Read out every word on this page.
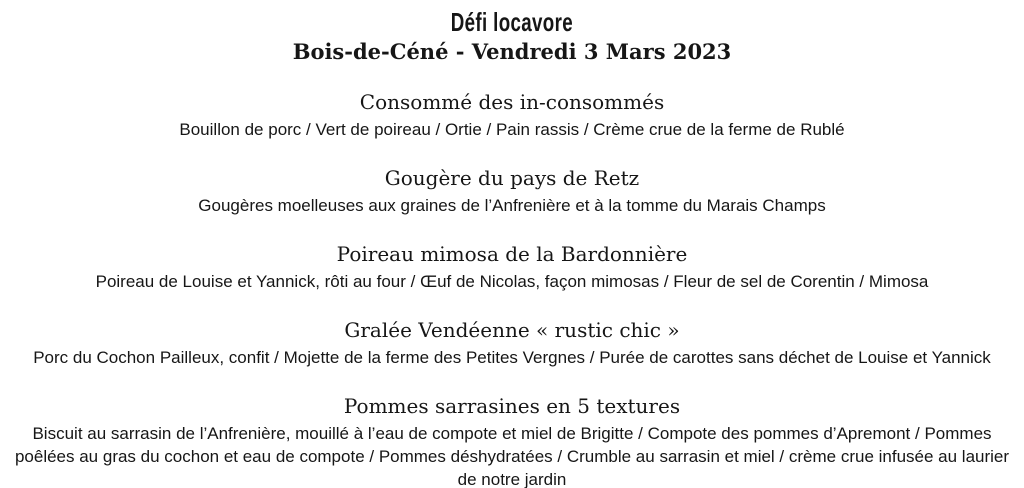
Défi locavore
Bois-de-Céné - Vendredi 3 Mars 2023
Consommé des in-consommés

Bouillon de porc / Vert de poireau / Ortie / Pain rassis / Crème crue de la ferme de Rublé

Gougère du pays de Retz

Gougères moelleuses aux graines de l’Anfrenière et à la tomme du Marais Champs

Poireau mimosa de la Bardonnière

Poireau de Louise et Yannick, rôti au four / Œuf de Nicolas, façon mimosas / Fleur de sel de Corentin / Mimosa

Gralée Vendéenne « rustic chic »

Porc du Cochon Pailleux, confit / Mojette de la ferme des Petites Vergnes / Purée de carottes sans déchet de Louise et Yannick

Pommes sarrasines en 5 textures

Biscuit au sarrasin de l’Anfrenière, mouillé à l’eau de compote et miel de Brigitte / Compote des pommes d’Apremont / Pommes poêlées au gras du cochon et eau de compote / Pommes déshydratées / Crumble au sarrasin et miel / crème crue infusée au laurier de notre jardin
